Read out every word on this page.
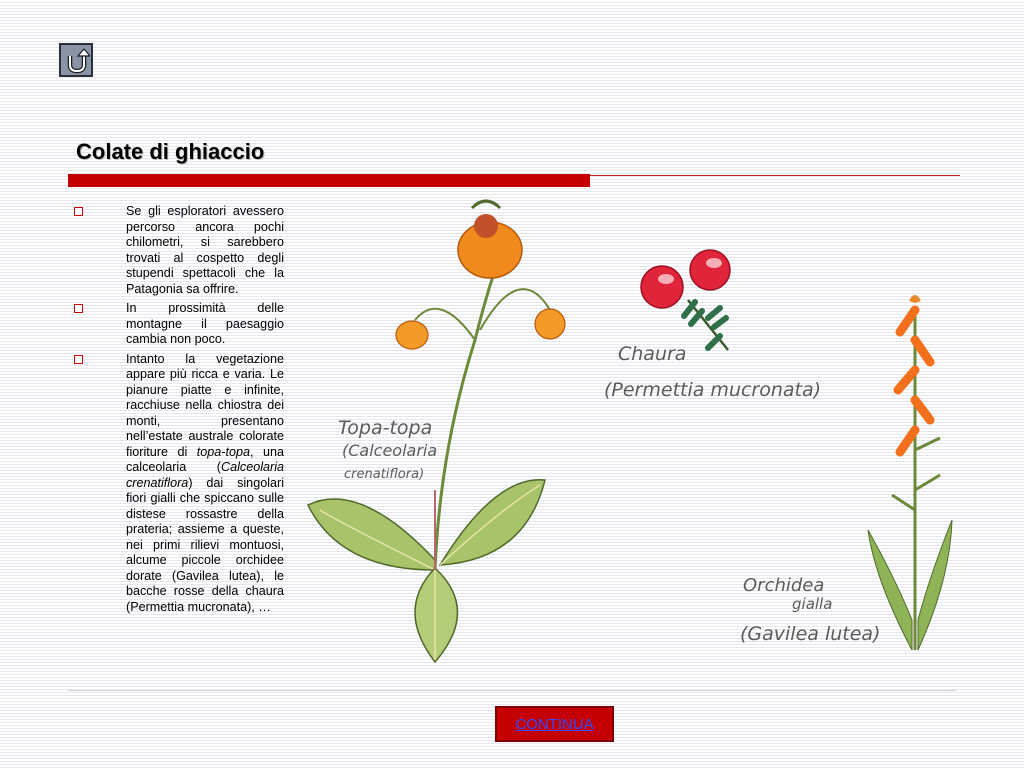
Colate di ghiaccio
Se gli esploratori avessero percorso ancora pochi chilometri, si sarebbero trovati al cospetto degli stupendi spettacoli che la Patagonia sa offrire.
In prossimità delle montagne il paesaggio cambia non poco.
Intanto la vegetazione appare più ricca e varia. Le pianure piatte e infinite, racchiuse nella chiostra dei monti, presentano nell’estate australe colorate fioriture di topa-topa, una calceolaria (Calceolaria crenatiflora) dai singolari fiori gialli che spiccano sulle distese rossastre della prateria; assieme a queste, nei primi rilievi montuosi, alcume piccole orchidee dorate (Gavilea lutea), le bacche rosse della chaura (Permettia mucronata), …
Topa-topa
(Calceolaria
crenatiflora)
Chaura
(Permettia mucronata)
Orchidea
gialla
(Gavilea lutea)
CONTINUA
